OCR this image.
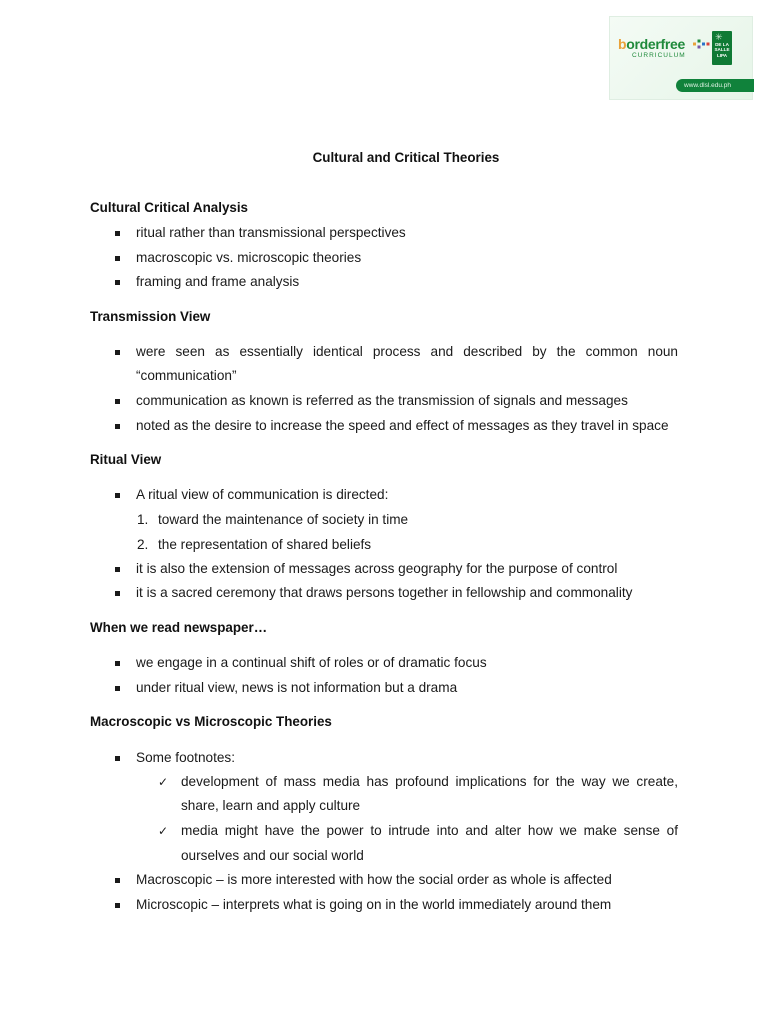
borderfree
CURRICULUM
✳
DE LA
SALLE
LIPA
www.dlsl.edu.ph
Cultural and Critical Theories
Cultural Critical Analysis
ritual rather than transmissional perspectives
macroscopic vs. microscopic theories
framing and frame analysis
Transmission View
were seen as essentially identical process and described by the common noun
“communication”
communication as known is referred as the transmission of signals and messages
noted as the desire to increase the speed and effect of messages as they travel in space
Ritual View
A ritual view of communication is directed:
1. toward the maintenance of society in time
2. the representation of shared beliefs
it is also the extension of messages across geography for the purpose of control
it is a sacred ceremony that draws persons together in fellowship and commonality
When we read newspaper…
we engage in a continual shift of roles or of dramatic focus
under ritual view, news is not information but a drama
Macroscopic vs Microscopic Theories
Some footnotes:
✓ development of mass media has profound implications for the way we create,
share, learn and apply culture
✓ media might have the power to intrude into and alter how we make sense of
ourselves and our social world
Macroscopic – is more interested with how the social order as whole is affected
Microscopic – interprets what is going on in the world immediately around them
